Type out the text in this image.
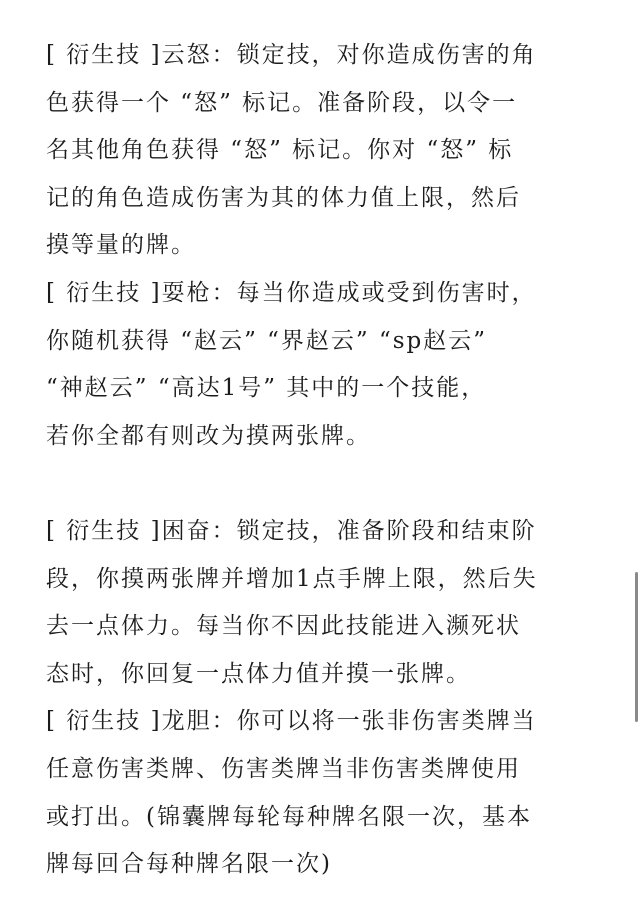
[ 衍生技 ]云怒：锁定技，对你造成伤害的角
色获得一个 “怒” 标记。准备阶段，以令一
名其他角色获得 “怒” 标记。你对 “怒” 标
记的角色造成伤害为其的体力值上限，然后
摸等量的牌。
[ 衍生技 ]耍枪：每当你造成或受到伤害时，
你随机获得 “赵云” “界赵云” “sp赵云”
“神赵云” “高达1号” 其中的一个技能，
若你全都有则改为摸两张牌。
[ 衍生技 ]困奋：锁定技，准备阶段和结束阶
段，你摸两张牌并增加1点手牌上限，然后失
去一点体力。每当你不因此技能进入濒死状
态时，你回复一点体力值并摸一张牌。
[ 衍生技 ]龙胆：你可以将一张非伤害类牌当
任意伤害类牌、伤害类牌当非伤害类牌使用
或打出。(锦囊牌每轮每种牌名限一次，基本
牌每回合每种牌名限一次)
